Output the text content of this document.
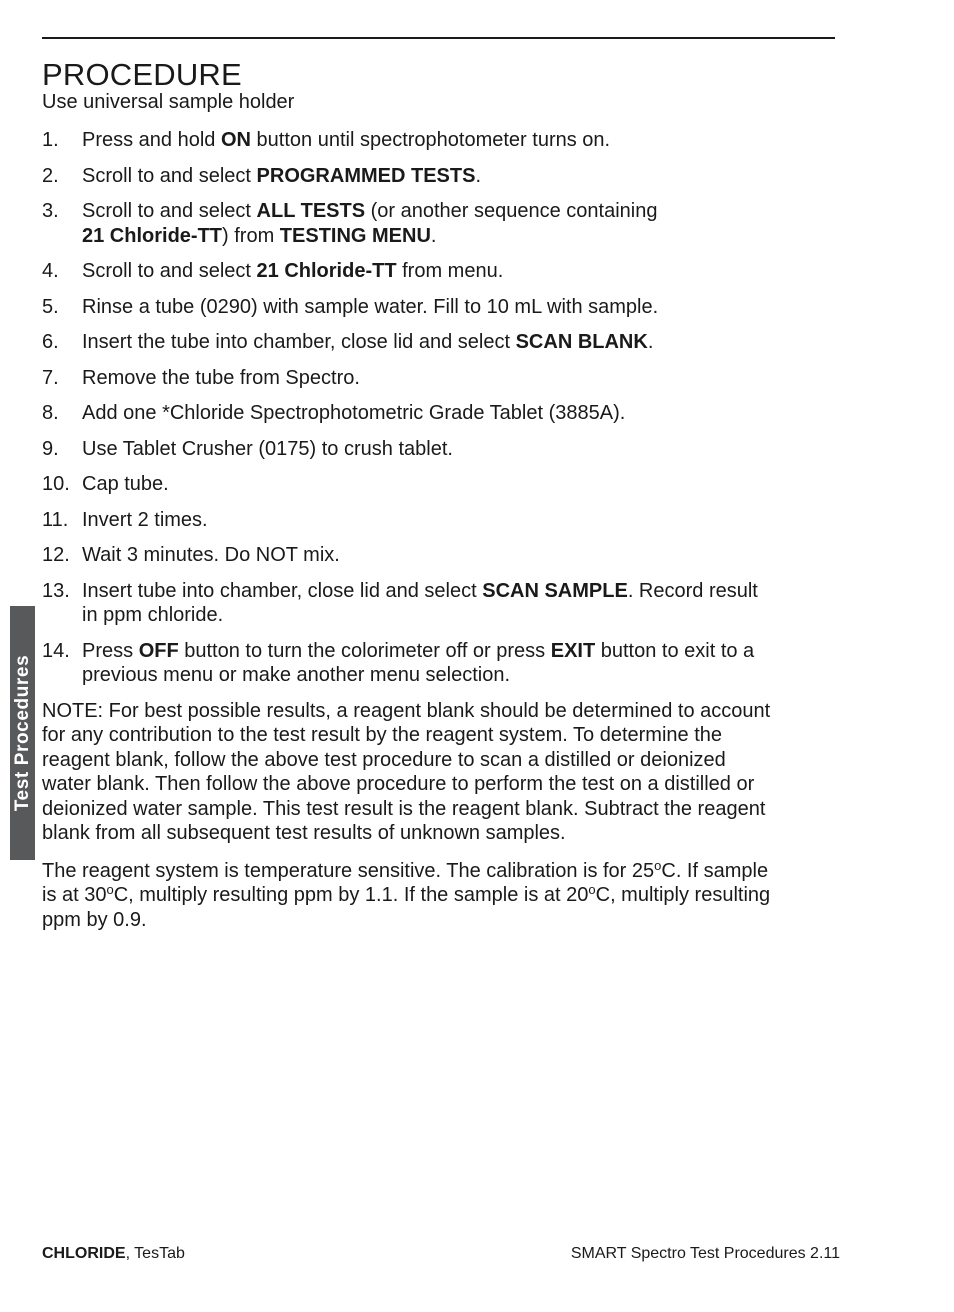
PROCEDURE
Use universal sample holder
1. Press and hold ON button until spectrophotometer turns on.
2. Scroll to and select PROGRAMMED TESTS.
3. Scroll to and select ALL TESTS (or another sequence containing
21 Chloride-TT) from TESTING MENU.
4. Scroll to and select 21 Chloride-TT from menu.
5. Rinse a tube (0290) with sample water. Fill to 10 mL with sample.
6. Insert the tube into chamber, close lid and select SCAN BLANK.
7. Remove the tube from Spectro.
8. Add one *Chloride Spectrophotometric Grade Tablet (3885A).
9. Use Tablet Crusher (0175) to crush tablet.
10. Cap tube.
11. Invert 2 times.
12. Wait 3 minutes. Do NOT mix.
13. Insert tube into chamber, close lid and select SCAN SAMPLE. Record result
in ppm chloride.
14. Press OFF button to turn the colorimeter off or press EXIT button to exit to a
previous menu or make another menu selection.

NOTE: For best possible results, a reagent blank should be determined to account
for any contribution to the test result by the reagent system. To determine the
reagent blank, follow the above test procedure to scan a distilled or deionized
water blank. Then follow the above procedure to perform the test on a distilled or
deionized water sample. This test result is the reagent blank. Subtract the reagent
blank from all subsequent test results of unknown samples.

The reagent system is temperature sensitive. The calibration is for 25$^o$C. If sample
is at 30$^o$C, multiply resulting ppm by 1.1. If the sample is at 20$^o$C, multiply resulting
ppm by 0.9.

Test Procedures
CHLORIDE, TesTab	SMART Spectro Test Procedures 2.11
